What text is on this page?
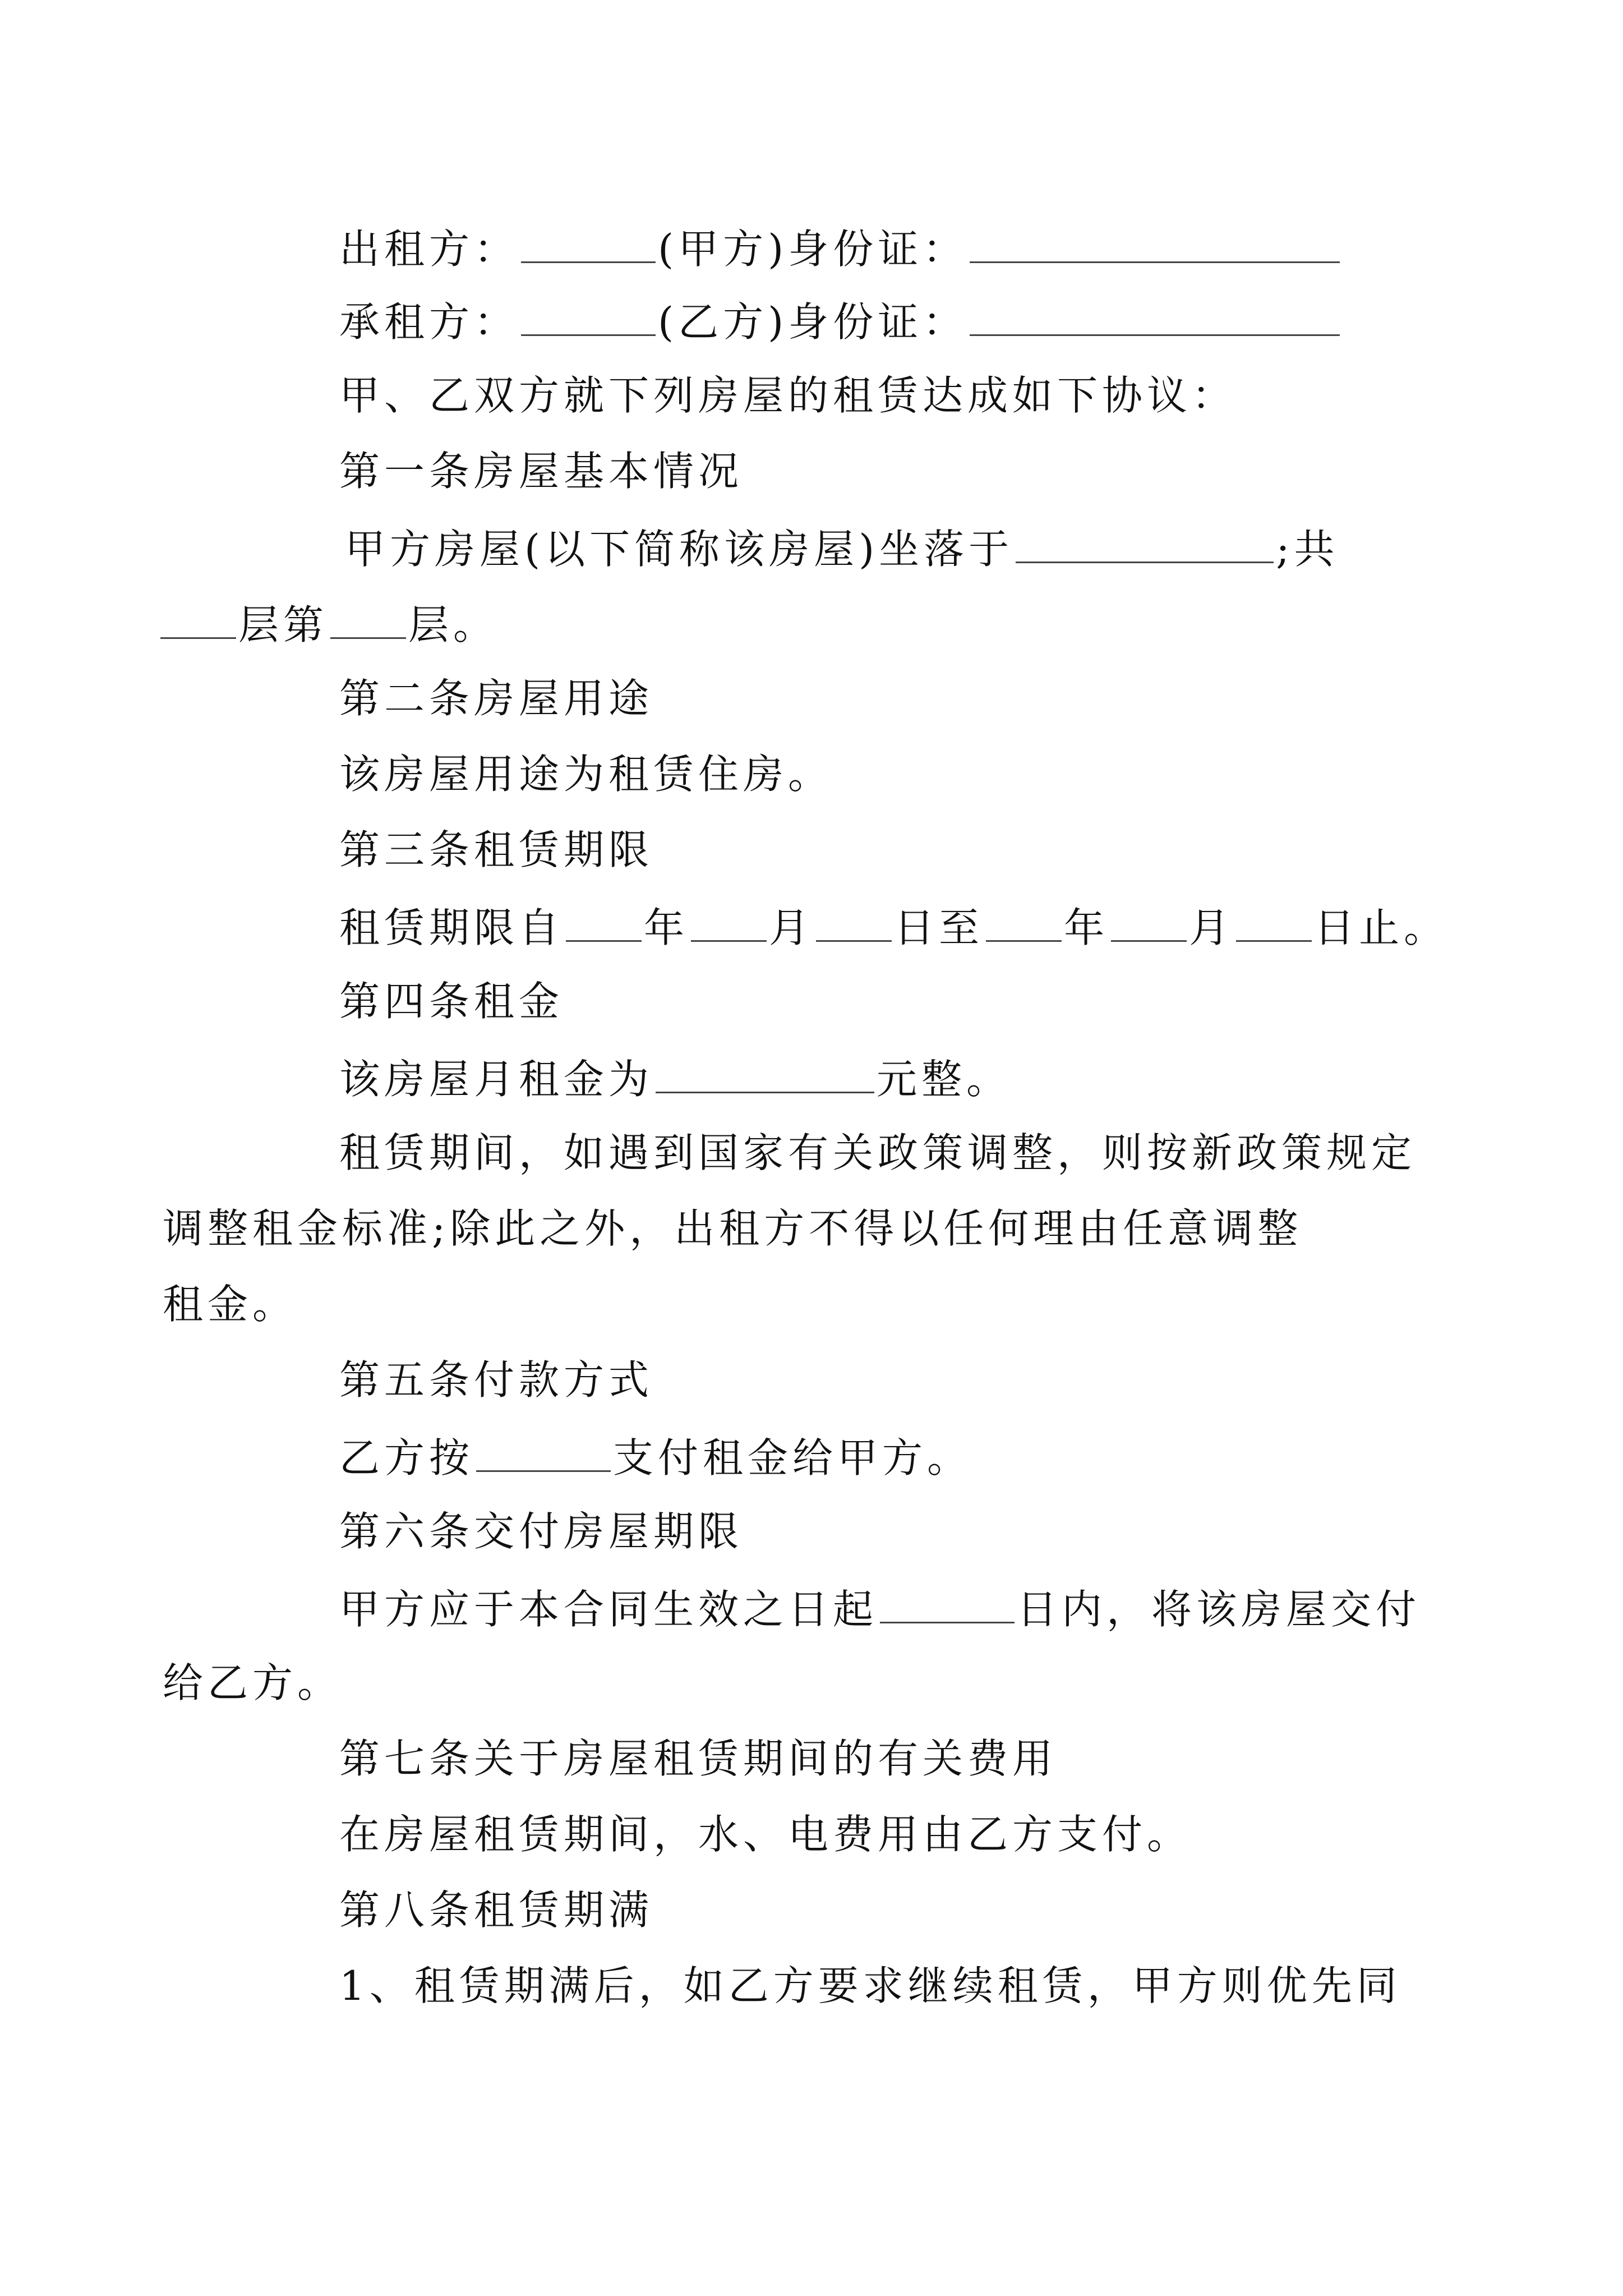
出租方：	(甲方)身份证：
承租方：	(乙方)身份证：
甲、乙双方就下列房屋的租赁达成如下协议：
第一条房屋基本情况
甲方房屋(以下简称该房屋)坐落于	;共
层第 层。
第二条房屋用途
该房屋用途为租赁住房。
第三条租赁期限
租赁期限自 年 月 日至 年 月 日止。
第四条租金
该房屋月租金为	元整。
租赁期间，如遇到国家有关政策调整，则按新政策规定
调整租金标准;除此之外，出租方不得以任何理由任意调整
租金。
第五条付款方式
乙方按	支付租金给甲方。
第六条交付房屋期限
甲方应于本合同生效之日起	日内，将该房屋交付
给乙方。
第七条关于房屋租赁期间的有关费用
在房屋租赁期间，水、电费用由乙方支付。
第八条租赁期满
1、租赁期满后，如乙方要求继续租赁，甲方则优先同
